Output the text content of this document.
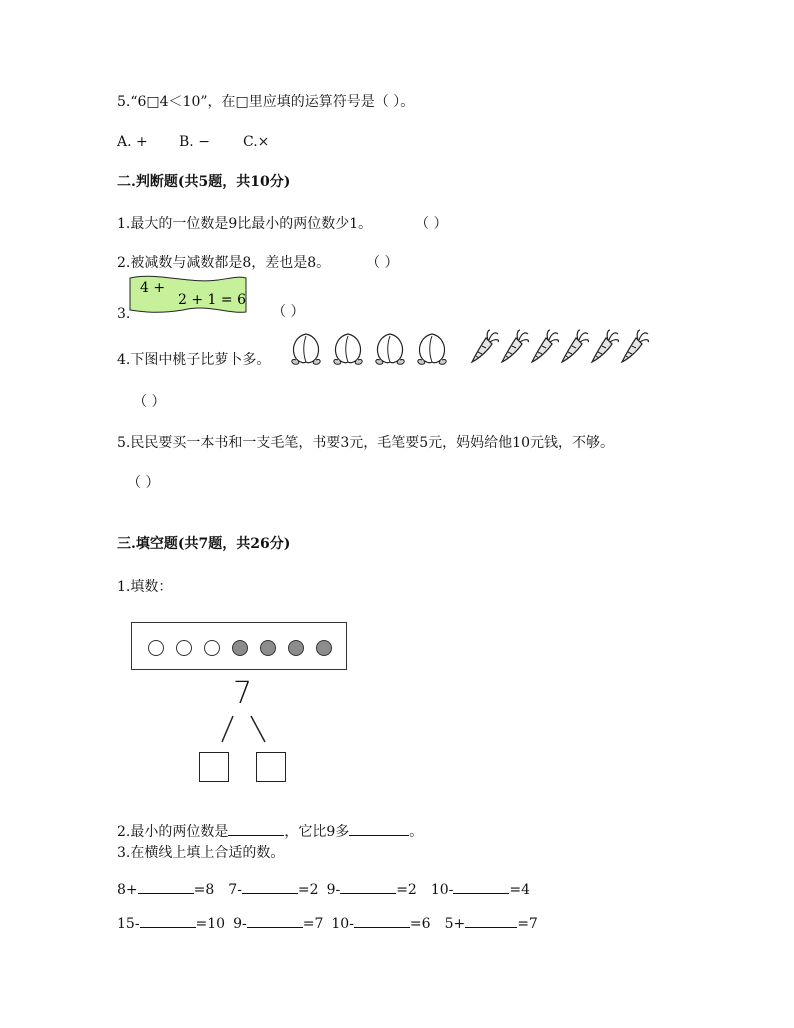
5.“6□4＜10”，在□里应填的运算符号是（ ）。
A. + B. − C.×
二.判断题(共5题，共10分)
1.最大的一位数是9比最小的两位数少1。	（ ）
2.被减数与减数都是8，差也是8。	（ ）
3.
4 +
2 + 1 = 6
（ ）
4.下图中桃子比萝卜多。
（ ）
5.民民要买一本书和一支毛笔，书要3元，毛笔要5元，妈妈给他10元钱，不够。
（ ）
三.填空题(共7题，共26分)
1.填数：
7
2.最小的两位数是	，它比9多	。
3.在横线上填上合适的数。
8+	=8 7-	=2 9-	=2 10-	=4
15-	=10 9-	=7 10-	=6 5+	=7
